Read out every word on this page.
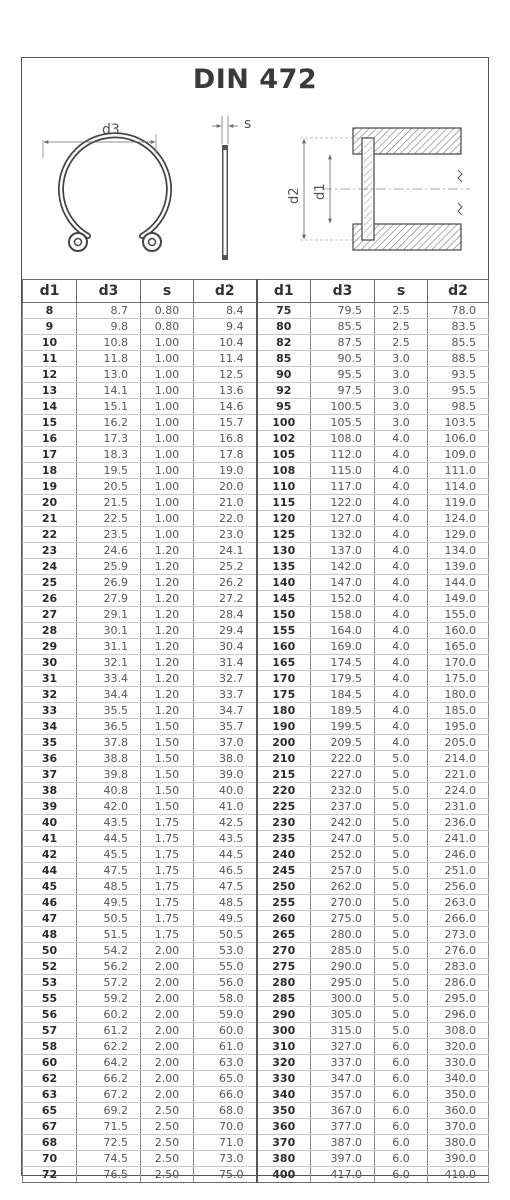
DIN 472
d3	s
d2 d1
d1	d3	s	d2	d1	d3	s	d2
8	8.7	0.80	8.4	75	79.5	2.5	78.0
9	9.8	0.80	9.4	80	85.5	2.5	83.5
10	10.8	1.00	10.4	82	87.5	2.5	85.5
11	11.8	1.00	11.4	85	90.5	3.0	88.5
12	13.0	1.00	12.5	90	95.5	3.0	93.5
13	14.1	1.00	13.6	92	97.5	3.0	95.5
14	15.1	1.00	14.6	95	100.5	3.0	98.5
15	16.2	1.00	15.7	100	105.5	3.0	103.5
16	17.3	1.00	16.8	102	108.0	4.0	106.0
17	18.3	1.00	17.8	105	112.0	4.0	109.0
18	19.5	1.00	19.0	108	115.0	4.0	111.0
19	20.5	1.00	20.0	110	117.0	4.0	114.0
20	21.5	1.00	21.0	115	122.0	4.0	119.0
21	22.5	1.00	22.0	120	127.0	4.0	124.0
22	23.5	1.00	23.0	125	132.0	4.0	129.0
23	24.6	1.20	24.1	130	137.0	4.0	134.0
24	25.9	1.20	25.2	135	142.0	4.0	139.0
25	26.9	1.20	26.2	140	147.0	4.0	144.0
26	27.9	1.20	27.2	145	152.0	4.0	149.0
27	29.1	1.20	28.4	150	158.0	4.0	155.0
28	30.1	1.20	29.4	155	164.0	4.0	160.0
29	31.1	1.20	30.4	160	169.0	4.0	165.0
30	32.1	1.20	31.4	165	174.5	4.0	170.0
31	33.4	1.20	32.7	170	179.5	4.0	175.0
32	34.4	1.20	33.7	175	184.5	4.0	180.0
33	35.5	1.20	34.7	180	189.5	4.0	185.0
34	36.5	1.50	35.7	190	199.5	4.0	195.0
35	37.8	1.50	37.0	200	209.5	4.0	205.0
36	38.8	1.50	38.0	210	222.0	5.0	214.0
37	39.8	1.50	39.0	215	227.0	5.0	221.0
38	40.8	1.50	40.0	220	232.0	5.0	224.0
39	42.0	1.50	41.0	225	237.0	5.0	231.0
40	43.5	1.75	42.5	230	242.0	5.0	236.0
41	44.5	1.75	43.5	235	247.0	5.0	241.0
42	45.5	1.75	44.5	240	252.0	5.0	246.0
44	47.5	1.75	46.5	245	257.0	5.0	251.0
45	48.5	1.75	47.5	250	262.0	5.0	256.0
46	49.5	1.75	48.5	255	270.0	5.0	263.0
47	50.5	1.75	49.5	260	275.0	5.0	266.0
48	51.5	1.75	50.5	265	280.0	5.0	273.0
50	54.2	2.00	53.0	270	285.0	5.0	276.0
52	56.2	2.00	55.0	275	290.0	5.0	283.0
53	57.2	2.00	56.0	280	295.0	5.0	286.0
55	59.2	2.00	58.0	285	300.0	5.0	295.0
56	60.2	2.00	59.0	290	305.0	5.0	296.0
57	61.2	2.00	60.0	300	315.0	5.0	308.0
58	62.2	2.00	61.0	310	327.0	6.0	320.0
60	64.2	2.00	63.0	320	337.0	6.0	330.0
62	66.2	2.00	65.0	330	347.0	6.0	340.0
63	67.2	2.00	66.0	340	357.0	6.0	350.0
65	69.2	2.50	68.0	350	367.0	6.0	360.0
67	71.5	2.50	70.0	360	377.0	6.0	370.0
68	72.5	2.50	71.0	370	387.0	6.0	380.0
70	74.5	2.50	73.0	380	397.0	6.0	390.0
72	76.5	2.50	75.0	400	417.0	6.0	410.0
